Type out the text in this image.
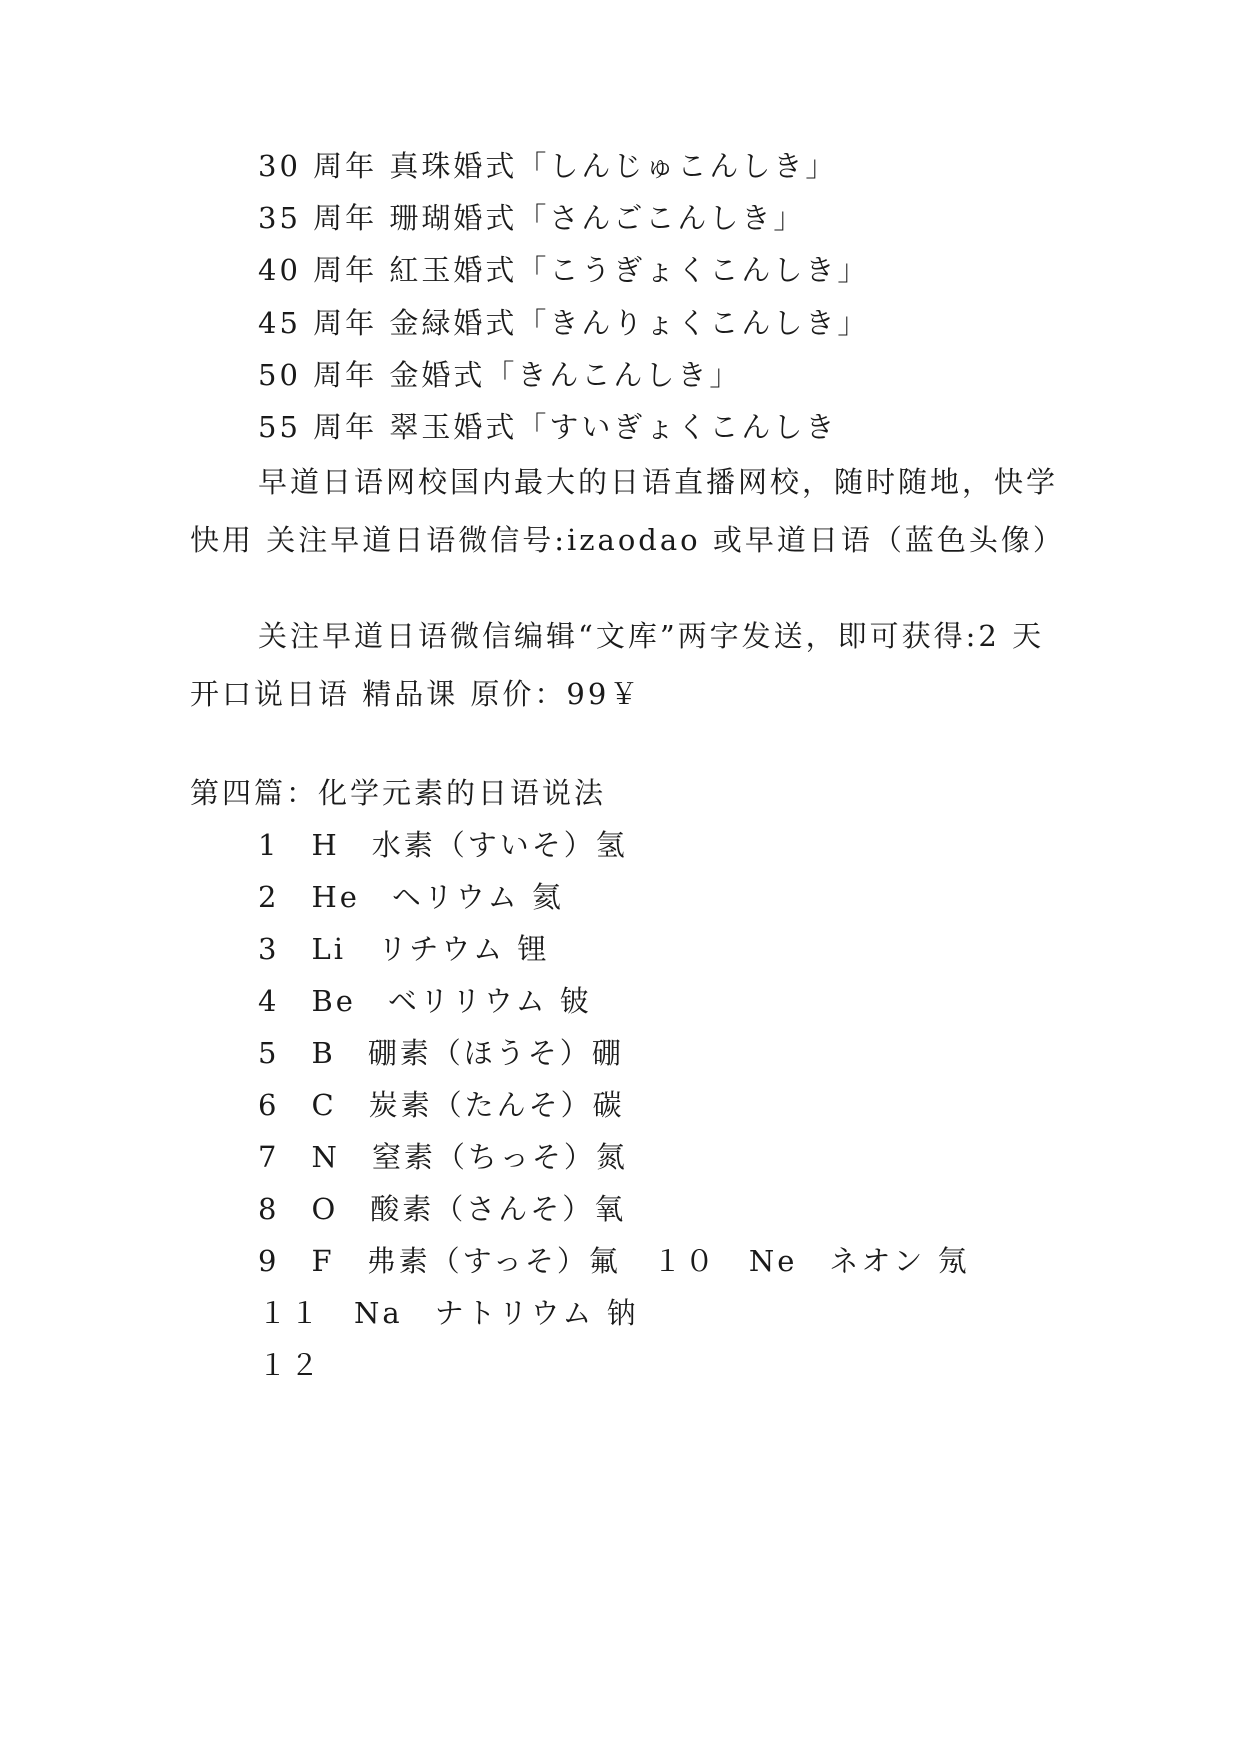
30 周年 真珠婚式「しんじゅこんしき」
35 周年 珊瑚婚式「さんごこんしき」
40 周年 紅玉婚式「こうぎょくこんしき」
45 周年 金緑婚式「きんりょくこんしき」
50 周年 金婚式「きんこんしき」
55 周年 翠玉婚式「すいぎょくこんしき
早道日语网校国内最大的日语直播网校，随时随地，快学快用 关注早道日语微信号:izaodao 或早道日语（蓝色头像）
关注早道日语微信编辑“文库”两字发送，即可获得:2 天开口说日语 精品课 原价：99￥
第四篇：化学元素的日语说法
1　H　水素（すいそ）氢
2　He　ヘリウム 氦
3　Li　リチウム 锂
4　Be　ベリリウム 铍
5　B　硼素（ほうそ）硼
6　C　炭素（たんそ）碳
7　N　窒素（ちっそ）氮
8　O　酸素（さんそ）氧
9　F　弗素（すっそ）氟　１０　Ne　ネオン 氖
１１　Na　ナトリウム 钠
１２
